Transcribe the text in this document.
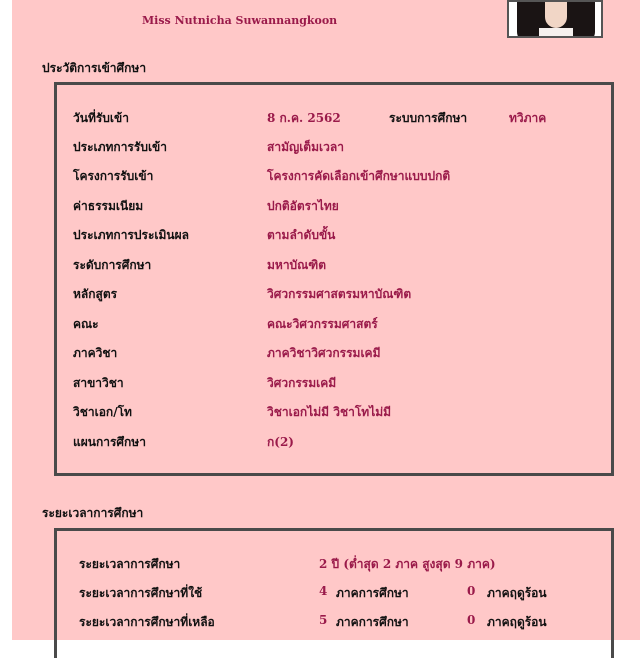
Miss Nutnicha Suwannangkoon
ประวัติการเข้าศึกษา
วันที่รับเข้า	8 ก.ค. 2562	ระบบการศึกษา	ทวิภาค
ประเภทการรับเข้า	สามัญเต็มเวลา
โครงการรับเข้า	โครงการคัดเลือกเข้าศึกษาแบบปกติ
ค่าธรรมเนียม	ปกติอัตราไทย
ประเภทการประเมินผล	ตามลำดับขั้น
ระดับการศึกษา	มหาบัณฑิต
หลักสูตร	วิศวกรรมศาสตรมหาบัณฑิต
คณะ	คณะวิศวกรรมศาสตร์
ภาควิชา	ภาควิชาวิศวกรรมเคมี
สาขาวิชา	วิศวกรรมเคมี
วิชาเอก/โท	วิชาเอกไม่มี วิชาโทไม่มี
แผนการศึกษา	ก(2)
ระยะเวลาการศึกษา
ระยะเวลาการศึกษา	2 ปี (ต่ำสุด 2 ภาค สูงสุด 9 ภาค)
ระยะเวลาการศึกษาที่ใช้	4 ภาคการศึกษา	0 ภาคฤดูร้อน
ระยะเวลาการศึกษาที่เหลือ	5 ภาคการศึกษา	0 ภาคฤดูร้อน
